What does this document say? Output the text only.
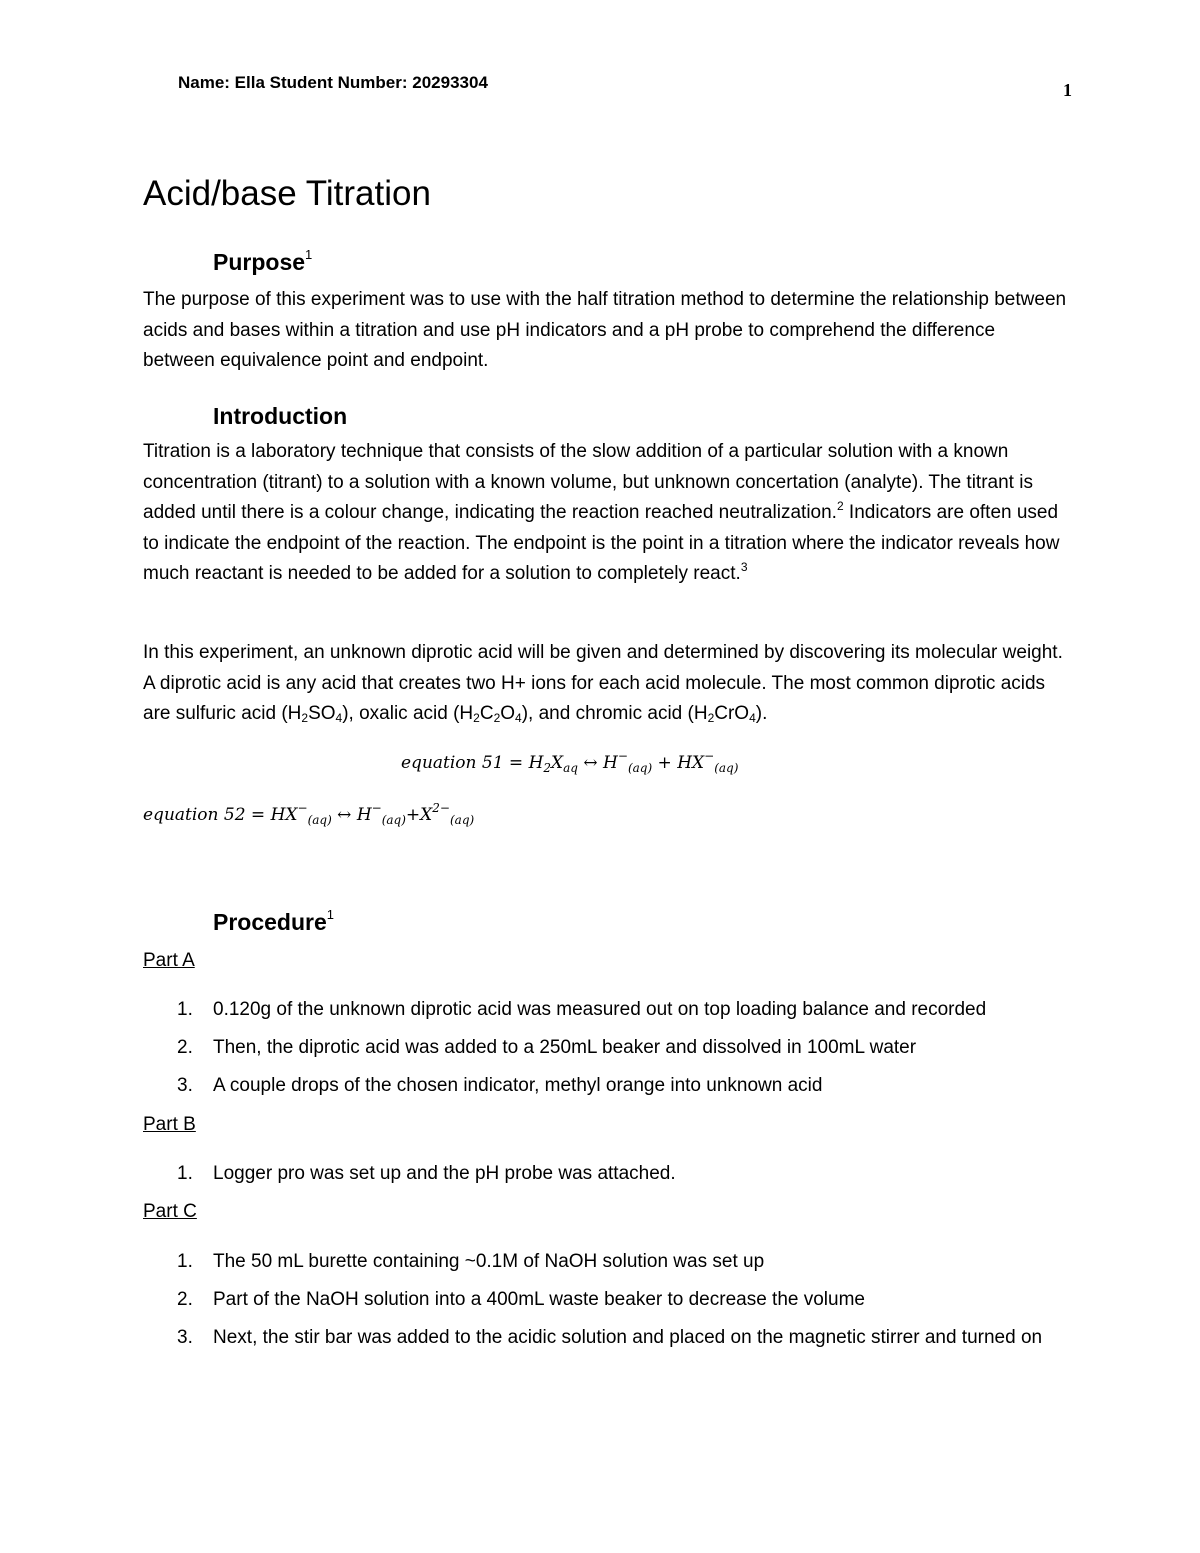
Name: Ella Student Number: 20293304	1
Acid/base Titration
Purpose$^1$

The purpose of this experiment was to use with the half titration method to determine the relationship between acids and bases within a titration and use pH indicators and a pH probe to comprehend the difference between equivalence point and endpoint.

Introduction

Titration is a laboratory technique that consists of the slow addition of a particular solution with a known concentration (titrant) to a solution with a known volume, but unknown concertation (analyte). The titrant is added until there is a colour change, indicating the reaction reached neutralization.$^2$ Indicators are often used to indicate the endpoint of the reaction. The endpoint is the point in a titration where the indicator reveals how much reactant is needed to be added for a solution to completely react.$^3$

In this experiment, an unknown diprotic acid will be given and determined by discovering its molecular weight. A diprotic acid is any acid that creates two H+ ions for each acid molecule. The most common diprotic acids are sulfuric acid $(H_2SO_4)$, oxalic acid $(H_2C_2O_4)$, and chromic acid $(H_2CrO_4)$.

equation $51 = H_2X_{aq}$ ↔ $H^-_{(aq)} + HX^-_{(aq)}$
equation $52 = HX^-_{(aq)}$ ↔ $H^-_{(aq)}+X^{2-}_{(aq)}$
Procedure$^1$
Part A
1. 0.120g of the unknown diprotic acid was measured out on top loading balance and recorded
2. Then, the diprotic acid was added to a 250mL beaker and dissolved in 100mL water
3. A couple drops of the chosen indicator, methyl orange into unknown acid
Part B
1. Logger pro was set up and the pH probe was attached.
Part C
1. The 50 mL burette containing ~0.1M of NaOH solution was set up
2. Part of the NaOH solution into a 400mL waste beaker to decrease the volume
3. Next, the stir bar was added to the acidic solution and placed on the magnetic stirrer and turned on
